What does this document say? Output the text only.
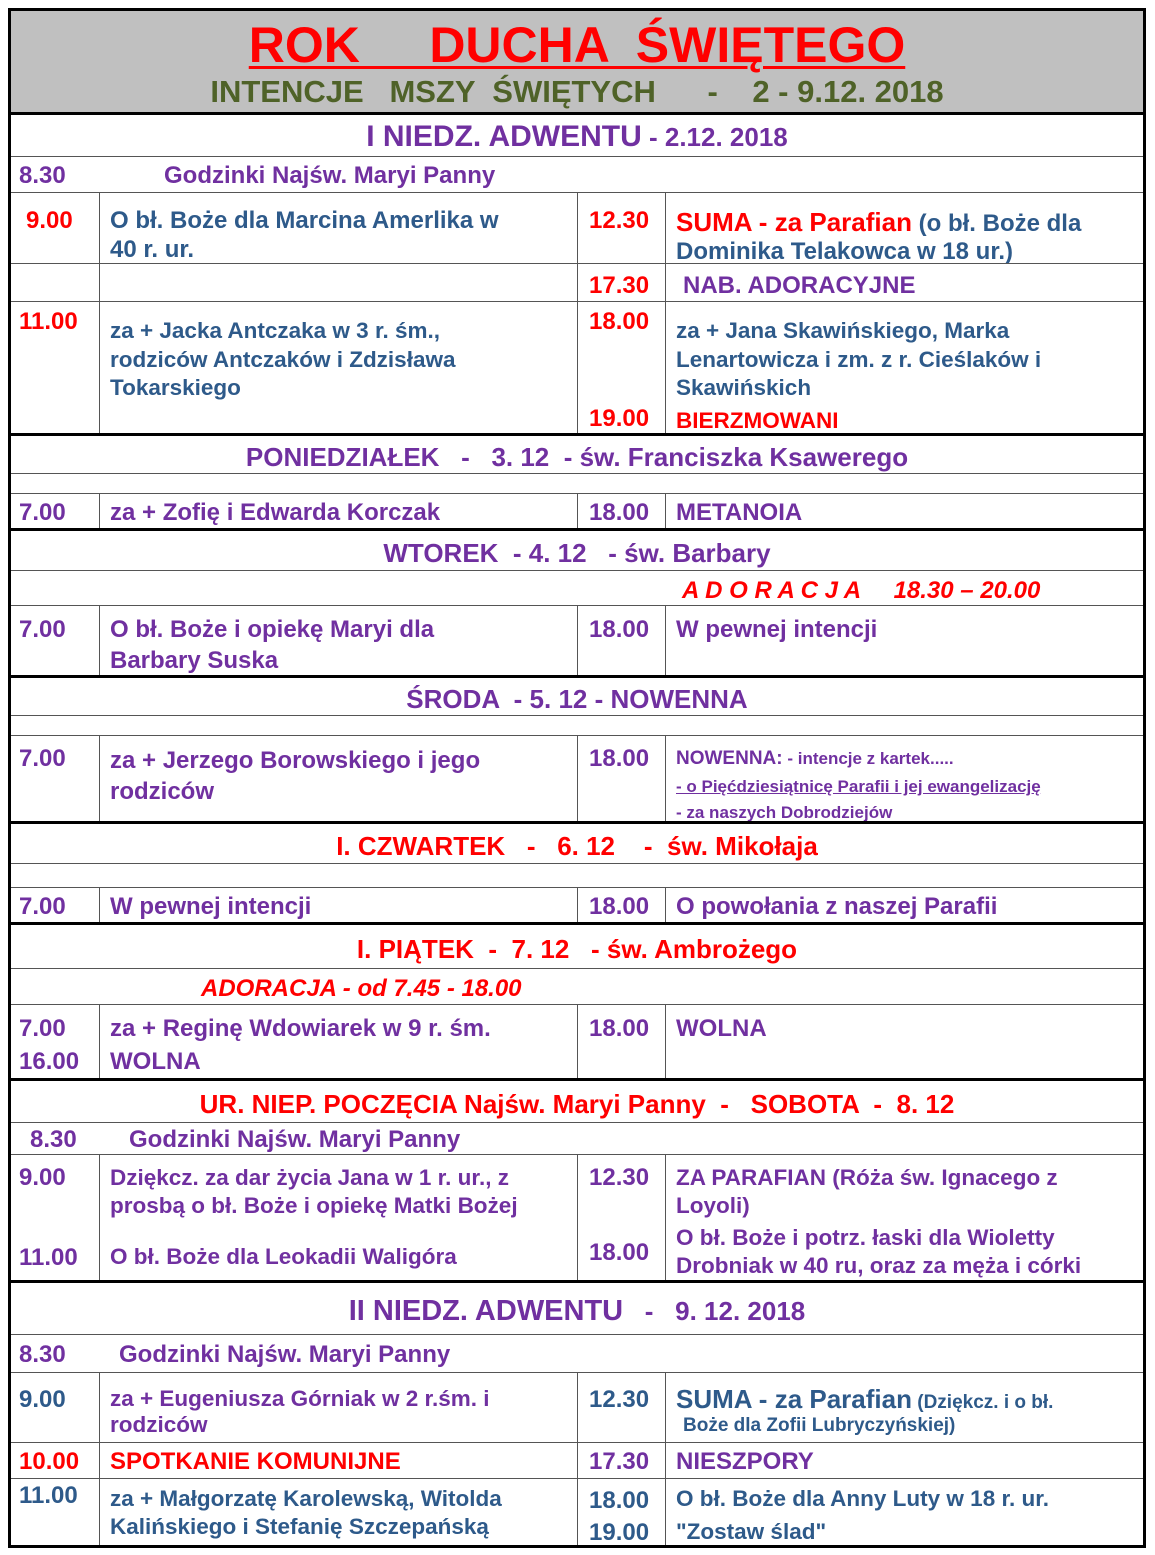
ROK     DUCHA  ŚWIĘTEGO
INTENCJE   MSZY  ŚWIĘTYCH      -    2 - 9.12. 2018
I NIEDZ. ADWENTU - 2.12. 2018
8.30	Godzinki Najśw. Maryi Panny
9.00 O bł. Boże dla Marcina Amerlika w
40 r. ur.
12.30 SUMA - za Parafian (o bł. Boże dla
Dominika Telakowca w 18 ur.)
17.30 NAB. ADORACYJNE
11.00 za + Jacka Antczaka w 3 r. śm.,
rodziców Antczaków i Zdzisława
Tokarskiego
18.00 za + Jana Skawińskiego, Marka
Lenartowicza i zm. z r. Cieślaków i
Skawińskich
19.00 BIERZMOWANI
PONIEDZIAŁEK   -   3. 12  - św. Franciszka Ksawerego
7.00 za + Zofię i Edwarda Korczak	18.00 METANOIA
WTOREK  - 4. 12   - św. Barbary
A D O R A C J A     18.30 – 20.00
7.00 O bł. Boże i opiekę Maryi dla
Barbary Suska
18.00 W pewnej intencji
ŚRODA  - 5. 12 - NOWENNA
7.00 za + Jerzego Borowskiego i jego
rodziców
18.00 NOWENNA: - intencje z kartek.....
- o Pięćdziesiątnicę Parafii i jej ewangelizację
- za naszych Dobrodziejów
I. CZWARTEK   -   6. 12    -  św. Mikołaja
7.00 W pewnej intencji	18.00 O powołania z naszej Parafii
I. PIĄTEK  -  7. 12   - św. Ambrożego
ADORACJA - od 7.45 - 18.00
7.00 za + Reginę Wdowiarek w 9 r. śm.
16.00 WOLNA
18.00 WOLNA
UR. NIEP. POCZĘCIA Najśw. Maryi Panny  -   SOBOTA  -  8. 12
8.30 Godzinki Najśw. Maryi Panny
9.00 Dziękcz. za dar życia Jana w 1 r. ur., z
prosbą o bł. Boże i opiekę Matki Bożej
11.00 O bł. Boże dla Leokadii Waligóra
12.30 ZA PARAFIAN (Róża św. Ignacego z
Loyoli)
18.00
O bł. Boże i potrz. łaski dla Wioletty
Drobniak w 40 ru, oraz za męża i córki
II NIEDZ. ADWENTU   -   9. 12. 2018
8.30 Godzinki Najśw. Maryi Panny
9.00 za + Eugeniusza Górniak w 2 r.śm. i
rodziców
12.30 SUMA - za Parafian (Dziękcz. i o bł.
Boże dla Zofii Lubryczyńskiej)
10.00 SPOTKANIE KOMUNIJNE	17.30 NIESZPORY
11.00 za + Małgorzatę Karolewską, Witolda
Kalińskiego i Stefanię Szczepańską
18.00 O bł. Boże dla Anny Luty w 18 r. ur.
19.00 "Zostaw ślad"
